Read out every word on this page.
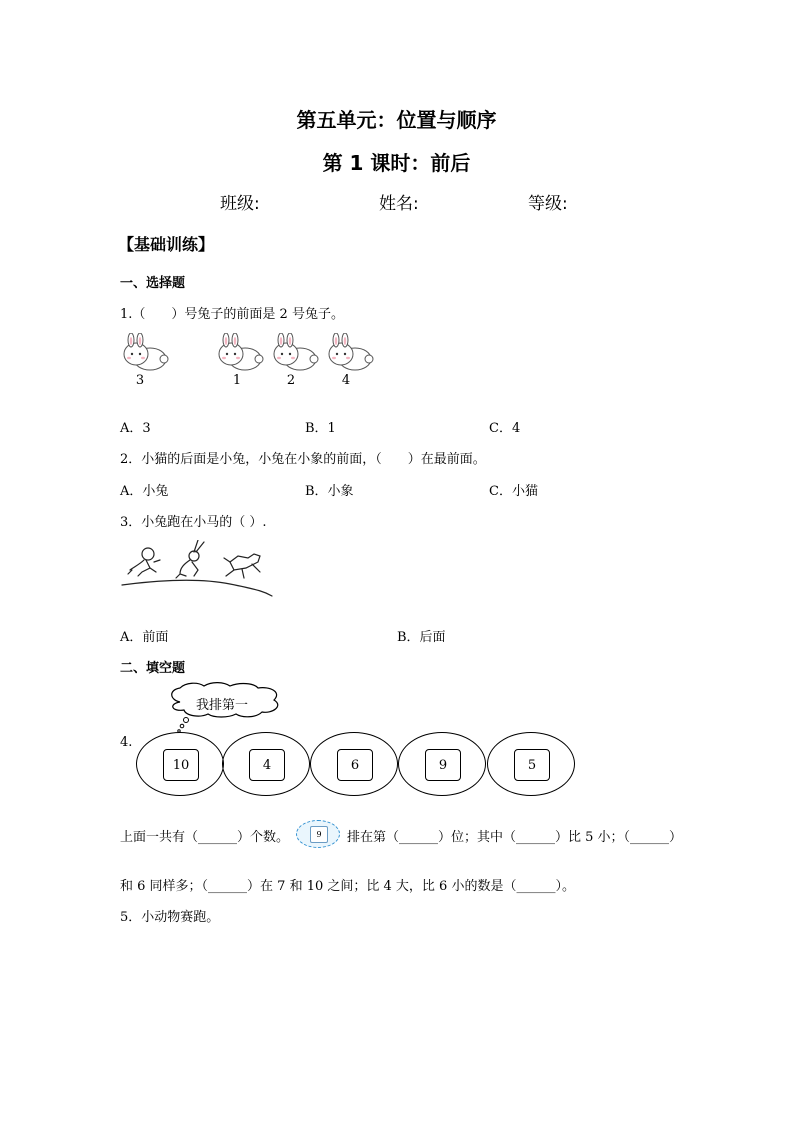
第五单元：位置与顺序
第 1 课时：前后
班级:	姓名:	等级:
【基础训练】
一、选择题
1.（　　）号兔子的前面是 2 号兔子。
3	1	2	4
A．3	B．1	C．4
2．小猫的后面是小兔，小兔在小象的前面，（　　）在最前面。
A．小兔	B．小象	C．小猫
3．小兔跑在小马的（ ）.
A．前面	B．后面
二、填空题
我排第一
4.
10	4	6	9	5
上面一共有（______）个数。	9	排在第（______）位；其中（______）比 5 小；（______）
和 6 同样多；（______）在 7 和 10 之间；比 4 大，比 6 小的数是（______）。
5．小动物赛跑。
